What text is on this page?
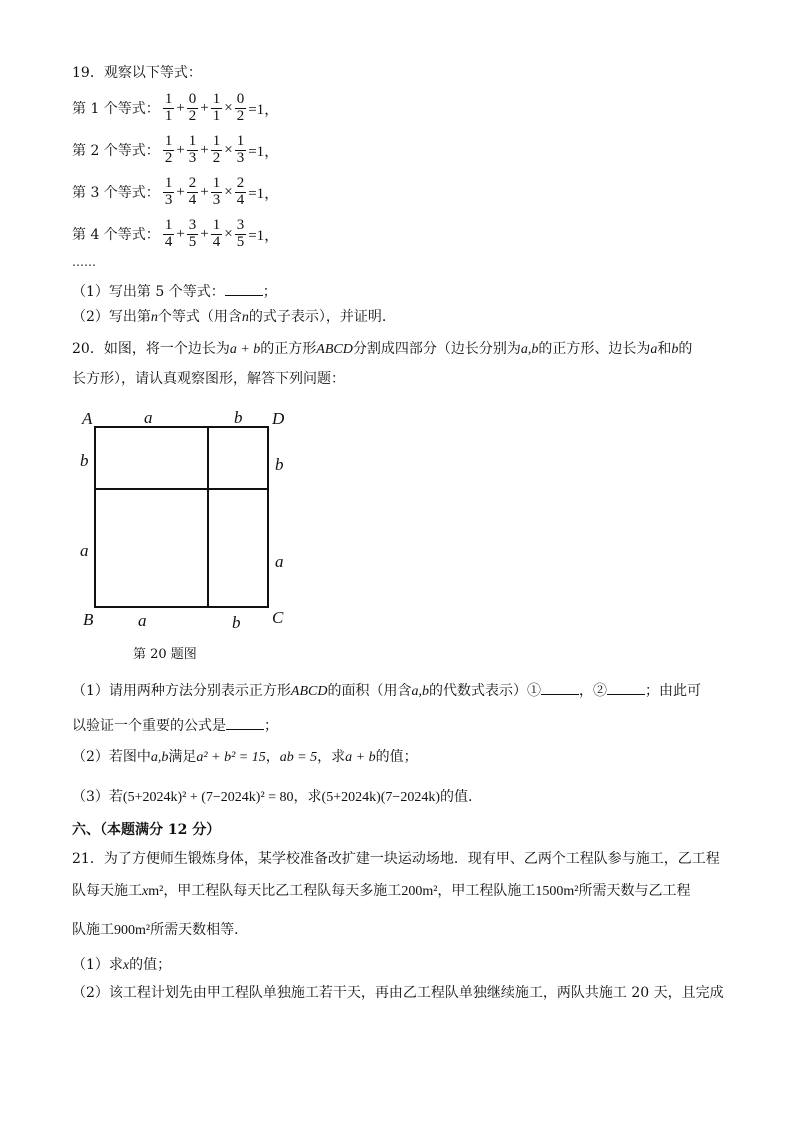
19．观察以下等式：
第 1 个等式： $\frac{1}{1} + \frac{0}{2} + \frac{1}{1} \times \frac{0}{2} =1$，
第 2 个等式： $\frac{1}{2} + \frac{1}{3} + \frac{1}{2} \times \frac{1}{3} =1$，
第 3 个等式： $\frac{1}{3} + \frac{2}{4} + \frac{1}{3} \times \frac{2}{4} =1$，
第 4 个等式： $\frac{1}{4} + \frac{3}{5} + \frac{1}{4} \times \frac{3}{5} =1$，
……
（1）写出第 5 个等式：	；
（2）写出第n个等式（用含n的式子表示），并证明.
20．如图，将一个边长为a + b的正方形ABCD分割成四部分（边长分别为a,b的正方形、边长为a和b的
长方形），请认真观察图形，解答下列问题：
A	a	b D
b	b
a
a
B	a	b C
第 20 题图
（1）请用两种方法分别表示正方形ABCD的面积（用含a,b的代数式表示）①	，②	；由此可
以验证一个重要的公式是	；
（2）若图中a,b满足a² + b² = 15，ab = 5，求a + b的值；
（3）若(5+2024k)² + (7−2024k)² = 80，求(5+2024k)(7−2024k)的值.
六、（本题满分 12 分）
21．为了方便师生锻炼身体，某学校准备改扩建一块运动场地．现有甲、乙两个工程队参与施工，乙工程
队每天施工xm²，甲工程队每天比乙工程队每天多施工200m²，甲工程队施工1500m²所需天数与乙工程
队施工900m²所需天数相等．
（1）求x的值；
（2）该工程计划先由甲工程队单独施工若干天，再由乙工程队单独继续施工，两队共施工 20 天，且完成
